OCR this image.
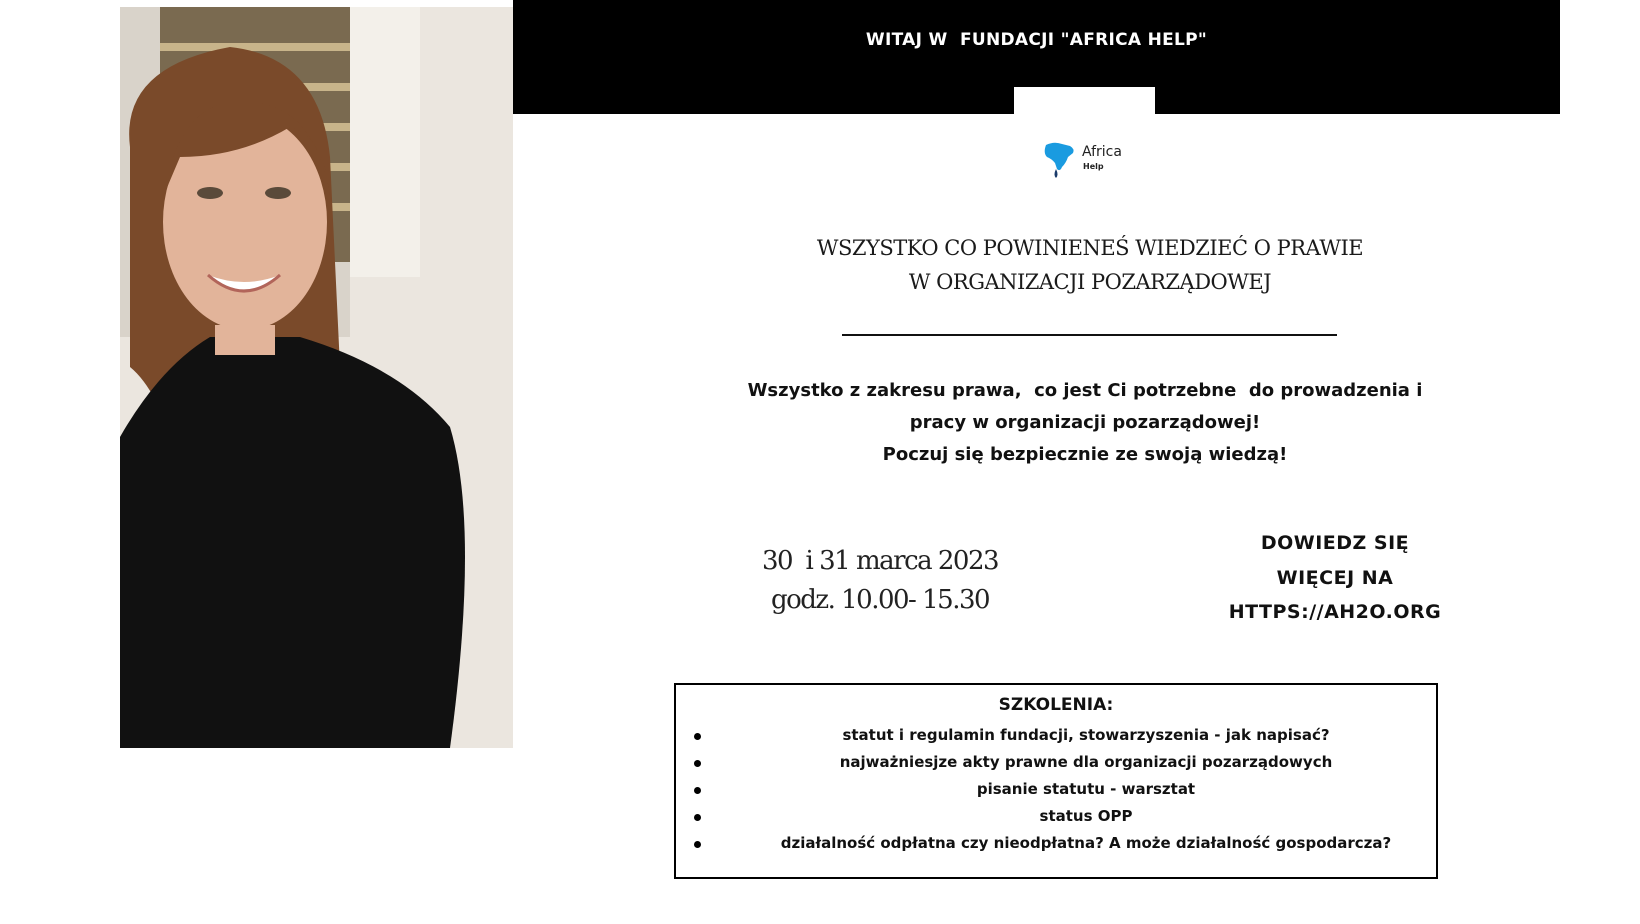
WITAJ W  FUNDACJI "AFRICA HELP"
Africa
Help
WSZYSTKO CO POWINIENEŚ WIEDZIEĆ O PRAWIE
W ORGANIZACJI POZARZĄDOWEJ
Wszystko z zakresu prawa,  co jest Ci potrzebne  do prowadzenia i
pracy w organizacji pozarządowej!
Poczuj się bezpiecznie ze swoją wiedzą!
30  i 31 marca 2023
godz. 10.00- 15.30
DOWIEDZ SIĘ
WIĘCEJ NA
HTTPS://AH2O.ORG
SZKOLENIA:
statut i regulamin fundacji, stowarzyszenia - jak napisać?
najważniesjze akty prawne dla organizacji pozarządowych
pisanie statutu - warsztat
status OPP
działalność odpłatna czy nieodpłatna? A może działalność gospodarcza?
